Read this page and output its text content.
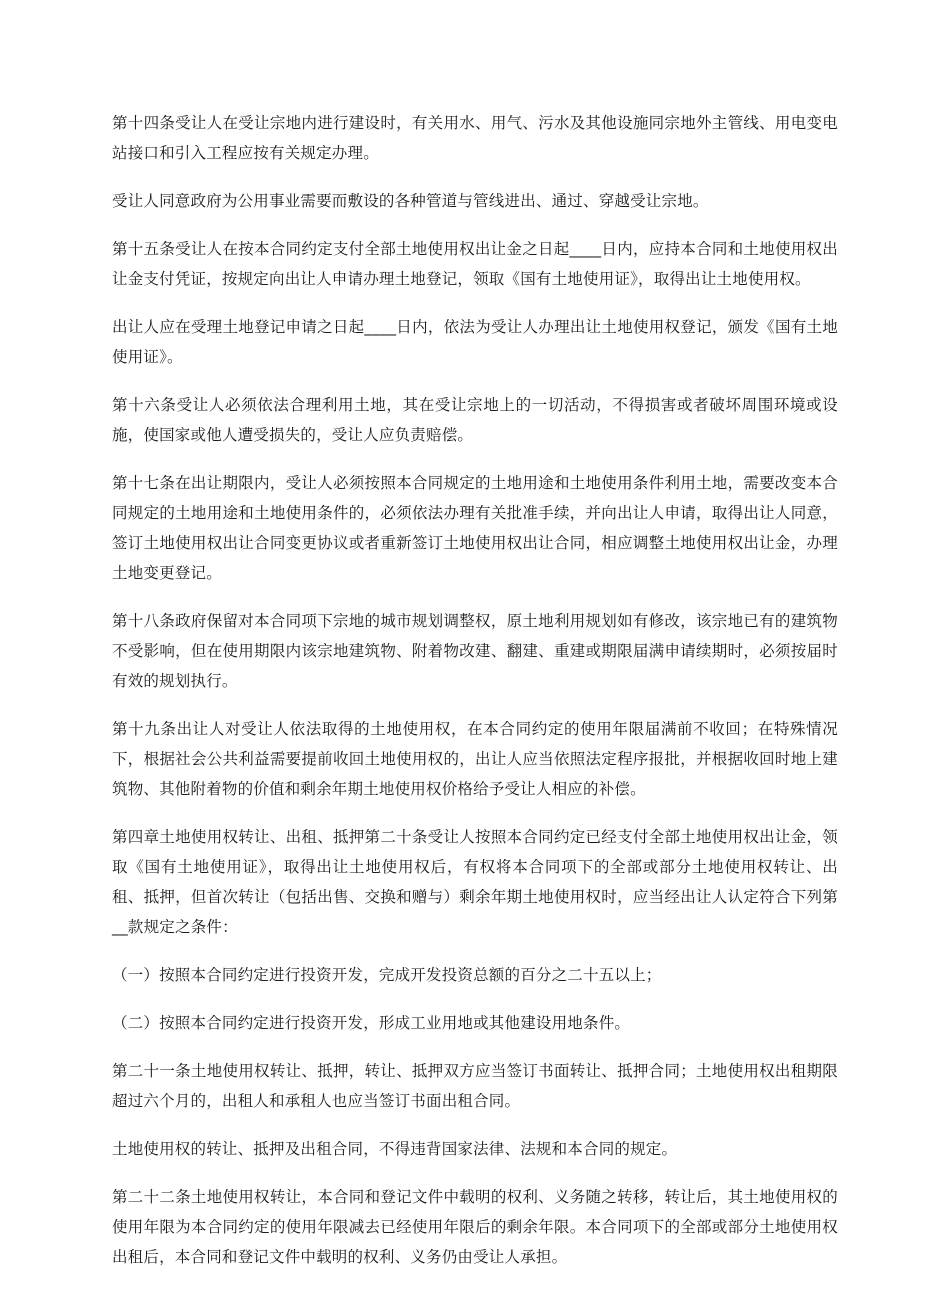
第十四条受让人在受让宗地内进行建设时，有关用水、用气、污水及其他设施同宗地外主管线、用电变电站接口和引入工程应按有关规定办理。

受让人同意政府为公用事业需要而敷设的各种管道与管线进出、通过、穿越受让宗地。

第十五条受让人在按本合同约定支付全部土地使用权出让金之日起____日内，应持本合同和土地使用权出让金支付凭证，按规定向出让人申请办理土地登记，领取《国有土地使用证》，取得出让土地使用权。

出让人应在受理土地登记申请之日起____日内，依法为受让人办理出让土地使用权登记，颁发《国有土地使用证》。

第十六条受让人必须依法合理利用土地，其在受让宗地上的一切活动，不得损害或者破坏周围环境或设施，使国家或他人遭受损失的，受让人应负责赔偿。

第十七条在出让期限内，受让人必须按照本合同规定的土地用途和土地使用条件利用土地，需要改变本合同规定的土地用途和土地使用条件的，必须依法办理有关批准手续，并向出让人申请，取得出让人同意，签订土地使用权出让合同变更协议或者重新签订土地使用权出让合同，相应调整土地使用权出让金，办理土地变更登记。

第十八条政府保留对本合同项下宗地的城市规划调整权，原土地利用规划如有修改，该宗地已有的建筑物不受影响，但在使用期限内该宗地建筑物、附着物改建、翻建、重建或期限届满申请续期时，必须按届时有效的规划执行。

第十九条出让人对受让人依法取得的土地使用权，在本合同约定的使用年限届满前不收回；在特殊情况下，根据社会公共利益需要提前收回土地使用权的，出让人应当依照法定程序报批，并根据收回时地上建筑物、其他附着物的价值和剩余年期土地使用权价格给予受让人相应的补偿。

第四章土地使用权转让、出租、抵押第二十条受让人按照本合同约定已经支付全部土地使用权出让金，领取《国有土地使用证》，取得出让土地使用权后，有权将本合同项下的全部或部分土地使用权转让、出租、抵押，但首次转让（包括出售、交换和赠与）剩余年期土地使用权时，应当经出让人认定符合下列第__款规定之条件：

（一）按照本合同约定进行投资开发，完成开发投资总额的百分之二十五以上；

（二）按照本合同约定进行投资开发，形成工业用地或其他建设用地条件。

第二十一条土地使用权转让、抵押，转让、抵押双方应当签订书面转让、抵押合同；土地使用权出租期限超过六个月的，出租人和承租人也应当签订书面出租合同。

土地使用权的转让、抵押及出租合同，不得违背国家法律、法规和本合同的规定。

第二十二条土地使用权转让，本合同和登记文件中载明的权利、义务随之转移，转让后，其土地使用权的使用年限为本合同约定的使用年限减去已经使用年限后的剩余年限。本合同项下的全部或部分土地使用权出租后，本合同和登记文件中载明的权利、义务仍由受让人承担。
